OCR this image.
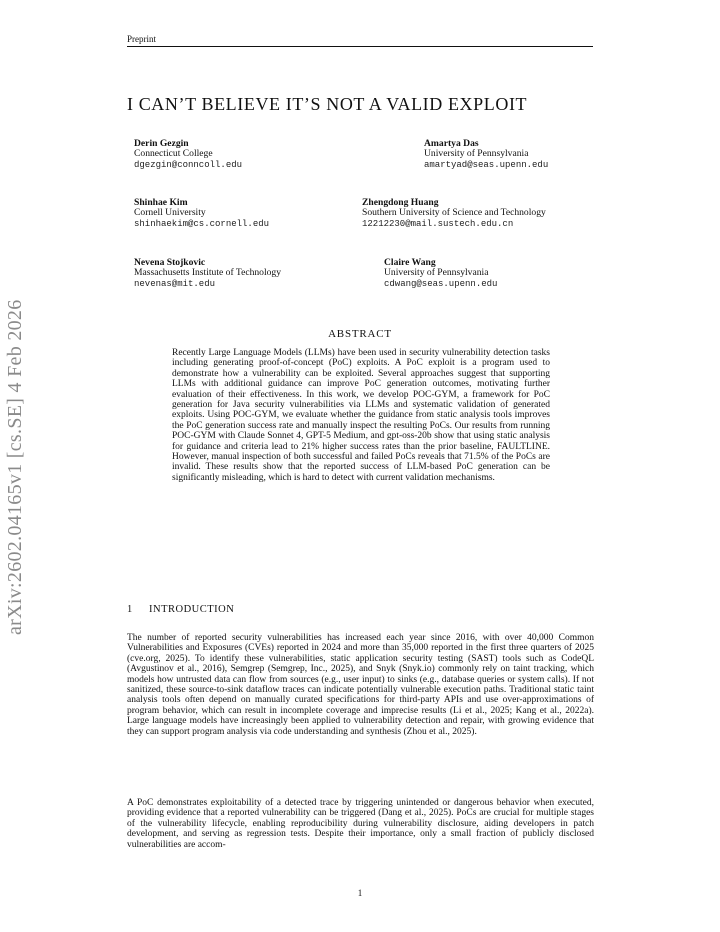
Preprint
arXiv:2602.04165v1 [cs.SE] 4 Feb 2026
I CAN’T BELIEVE IT’S NOT A VALID EXPLOIT
Derin Gezgin
Connecticut College
dgezgin@conncoll.edu
Amartya Das
University of Pennsylvania
amartyad@seas.upenn.edu
Shinhae Kim
Cornell University
shinhaekim@cs.cornell.edu
Zhengdong Huang
Southern University of Science and Technology
12212230@mail.sustech.edu.cn
Nevena Stojkovic
Massachusetts Institute of Technology
nevenas@mit.edu
Claire Wang
University of Pennsylvania
cdwang@seas.upenn.edu
ABSTRACT
Recently Large Language Models (LLMs) have been used in security vulnerability detection tasks including generating proof-of-concept (PoC) exploits. A PoC exploit is a program used to demonstrate how a vulnerability can be exploited. Several approaches suggest that supporting LLMs with additional guidance can improve PoC generation outcomes, motivating further evaluation of their effectiveness. In this work, we develop POC-GYM, a framework for PoC generation for Java security vulnerabilities via LLMs and systematic validation of generated exploits. Using POC-GYM, we evaluate whether the guidance from static analysis tools improves the PoC generation success rate and manually inspect the resulting PoCs. Our results from running POC-GYM with Claude Sonnet 4, GPT-5 Medium, and gpt-oss-20b show that using static analysis for guidance and criteria lead to 21% higher success rates than the prior baseline, FAULTLINE. However, manual inspection of both successful and failed PoCs reveals that 71.5% of the PoCs are invalid. These results show that the reported success of LLM-based PoC generation can be significantly misleading, which is hard to detect with current validation mechanisms.
1 INTRODUCTION
The number of reported security vulnerabilities has increased each year since 2016, with over 40,000 Common Vulnerabilities and Exposures (CVEs) reported in 2024 and more than 35,000 reported in the first three quarters of 2025 (cve.org, 2025). To identify these vulnerabilities, static application security testing (SAST) tools such as CodeQL (Avgustinov et al., 2016), Semgrep (Semgrep, Inc., 2025), and Snyk (Snyk.io) commonly rely on taint tracking, which models how untrusted data can flow from sources (e.g., user input) to sinks (e.g., database queries or system calls). If not sanitized, these source-to-sink dataflow traces can indicate potentially vulnerable execution paths. Traditional static taint analysis tools often depend on manually curated specifications for third-party APIs and use over-approximations of program behavior, which can result in incomplete coverage and imprecise results (Li et al., 2025; Kang et al., 2022a). Large language models have increasingly been applied to vulnerability detection and repair, with growing evidence that they can support program analysis via code understanding and synthesis (Zhou et al., 2025).
A PoC demonstrates exploitability of a detected trace by triggering unintended or dangerous behavior when executed, providing evidence that a reported vulnerability can be triggered (Dang et al., 2025). PoCs are crucial for multiple stages of the vulnerability lifecycle, enabling reproducibility during vulnerability disclosure, aiding developers in patch development, and serving as regression tests. Despite their importance, only a small fraction of publicly disclosed vulnerabilities are accom-
1
